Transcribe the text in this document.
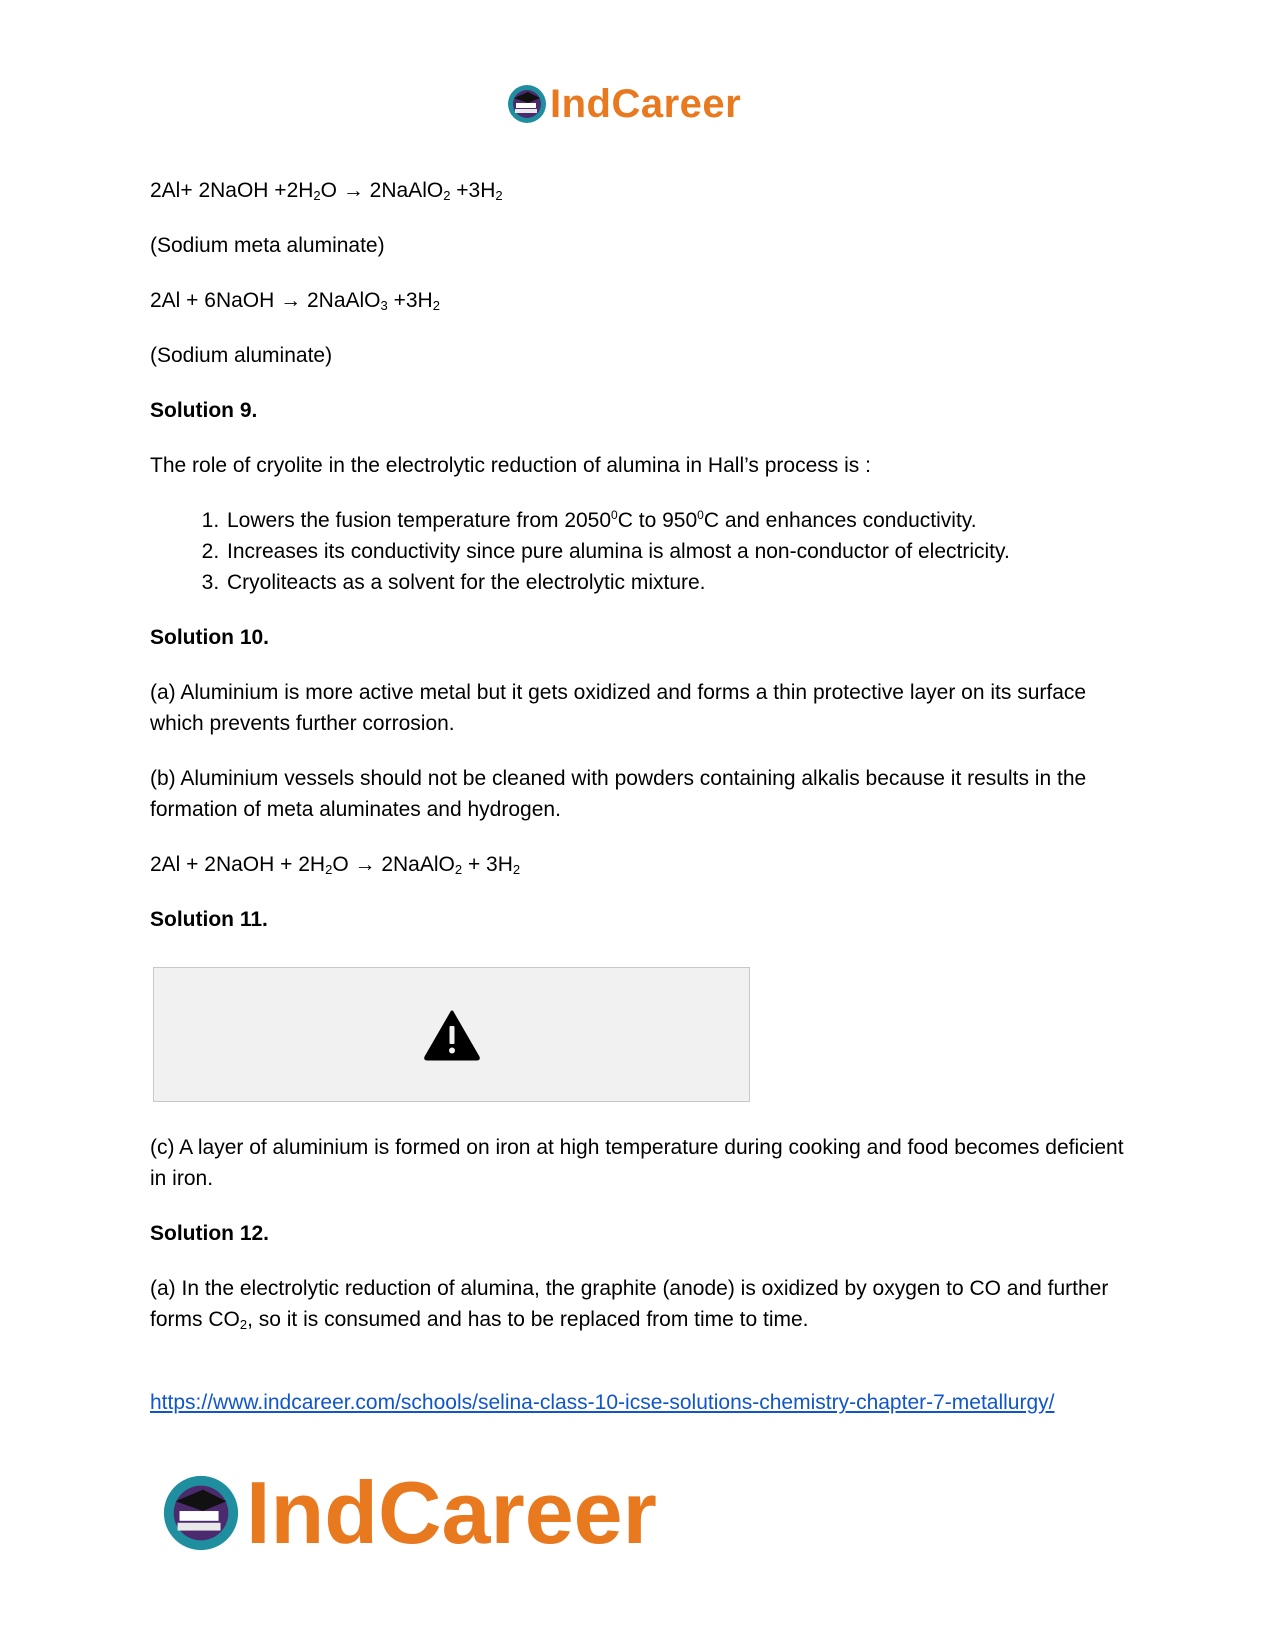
IndCareer

2Al+ 2NaOH $+2H_2O$ → 2NaAlO$_2$ $+3H_2$

(Sodium meta aluminate)

2Al + 6NaOH → 2NaAlO$_3$ $+3H_2$

(Sodium aluminate)

Solution 9.

The role of cryolite in the electrolytic reduction of alumina in Hall’s process is :

1. Lowers the fusion temperature from 2050$^0$C to $950^0C$ and enhances conductivity.
2. Increases its conductivity since pure alumina is almost a non-conductor of electricity.
3. Cryoliteacts as a solvent for the electrolytic mixture.

Solution 10.

(a) Aluminium is more active metal but it gets oxidized and forms a thin protective layer on its surface which prevents further corrosion.

(b) Aluminium vessels should not be cleaned with powders containing alkalis because it results in the formation of meta aluminates and hydrogen.

2Al + 2NaOH + $2H_2O$ → 2NaAlO$_2$ + $3H_2$

Solution 11.

(c) A layer of aluminium is formed on iron at high temperature during cooking and food becomes deficient in iron.

Solution 12.

(a) In the electrolytic reduction of alumina, the graphite (anode) is oxidized by oxygen to CO and further forms $CO_2$, so it is consumed and has to be replaced from time to time.

https://www.indcareer.com/schools/selina-class-10-icse-solutions-chemistry-chapter-7-metallurgy/
IndCareer
